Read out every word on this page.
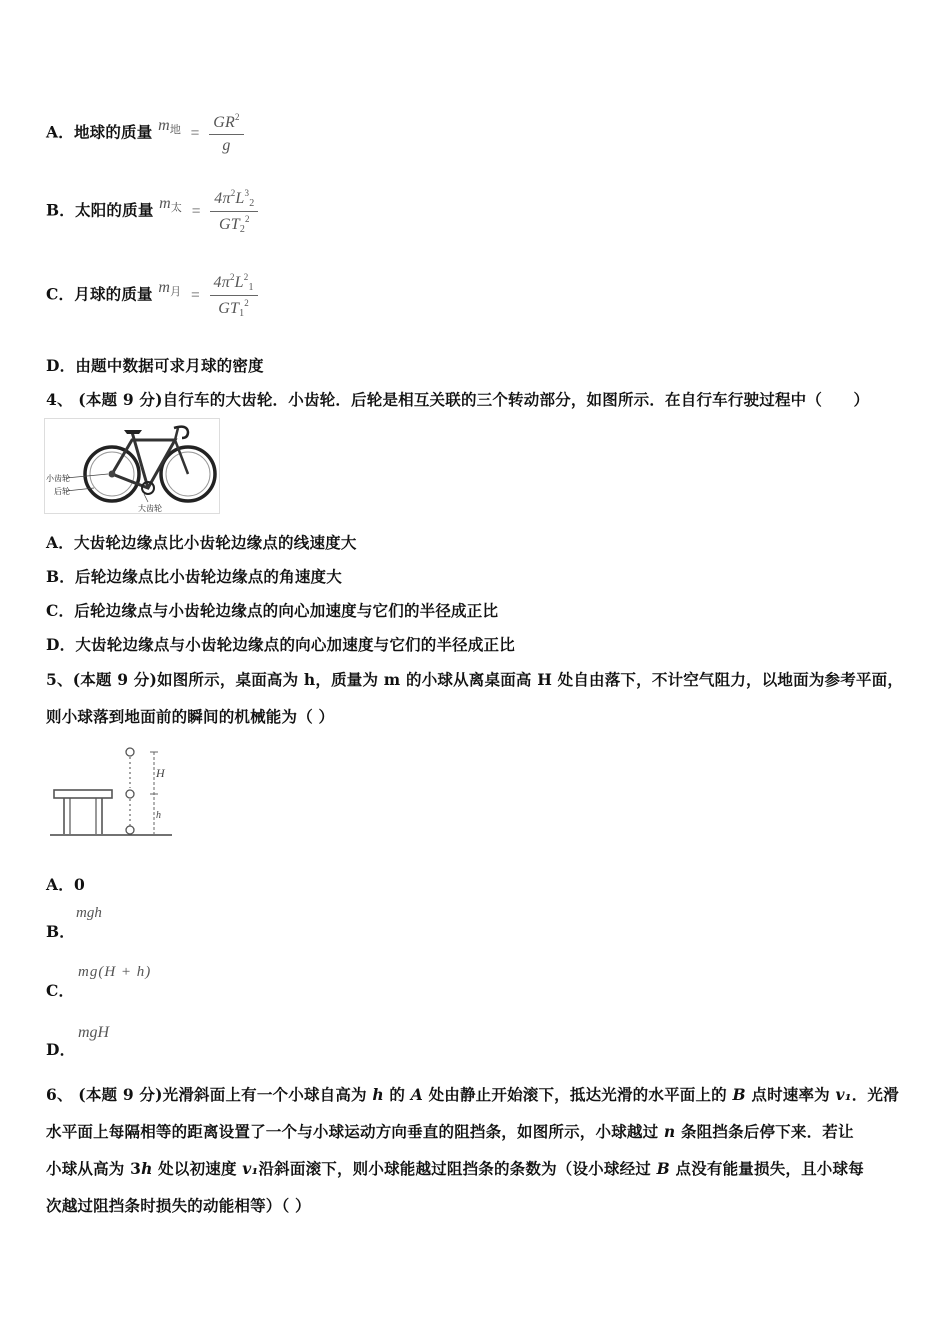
A．地球的质量 $m_地 = \frac{GR^2}{g}$
B．太阳的质量 $m_太 = \frac{4\pi^2L^3_2}{GT_2^2}$
C．月球的质量 $m_月 = \frac{4\pi^2L^2_1}{GT_1^2}$
D．由题中数据可求月球的密度
4、 (本题 9 分)自行车的大齿轮．小齿轮．后轮是相互关联的三个转动部分，如图所示．在自行车行驶过程中（　　）
小齿轮
后轮
大齿轮
A．大齿轮边缘点比小齿轮边缘点的线速度大
B．后轮边缘点比小齿轮边缘点的角速度大
C．后轮边缘点与小齿轮边缘点的向心加速度与它们的半径成正比
D．大齿轮边缘点与小齿轮边缘点的向心加速度与它们的半径成正比
5、(本题 9 分)如图所示，桌面高为 h，质量为 m 的小球从离桌面高 H 处自由落下，不计空气阻力，以地面为参考平面，
则小球落到地面前的瞬间的机械能为（ ）
H
h
A．0
mgh
B．
mg(H + h)
C．
mgH
D．
6、 (本题 9 分)光滑斜面上有一个小球自高为 h 的 A 处由静止开始滚下，抵达光滑的水平面上的 B 点时速率为 v₁．光滑
水平面上每隔相等的距离设置了一个与小球运动方向垂直的阻挡条，如图所示，小球越过 n 条阻挡条后停下来．若让
小球从高为 3h 处以初速度 v₁沿斜面滚下，则小球能越过阻挡条的条数为（设小球经过 B 点没有能量损失，且小球每
次越过阻挡条时损失的动能相等）（ ）
